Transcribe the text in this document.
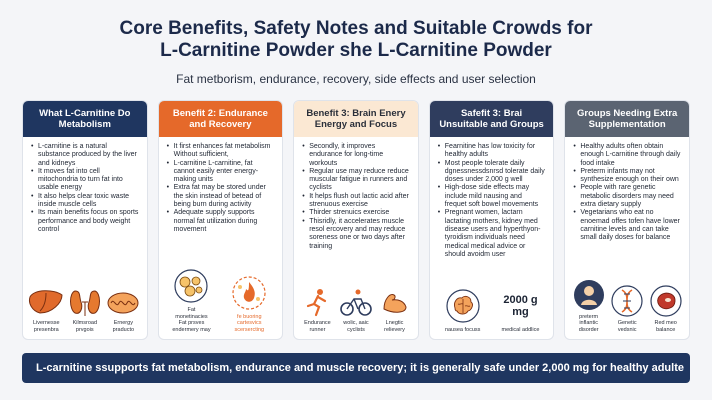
Core Benefits, Safety Notes and Suitable Crowds for
L-Carnitine Powder she L-Carnitine Powder
Fat metborism, endurance, recovery, side effects and user selection
What L-Carnitine Do Metabolism
• L-carnitine is a natural substance produced by the liver and kidneys
• It moves fat into cell mitochondria to turn fat into usable energy
• It also helps clear toxic waste inside muscle cells
• Its main benefits focus on sports performance and body weight control
Livernesse presenbra
Kilmsroad prvgois
Ernergy praducto
Benefit 2: Endurance and Recovery
• It first enhances fat metabolism Without sufficient,
• L-carnitine L-carnitine, fat cannot easily enter energy-making units
• Extra fat may be stored under the skin instead of betead of being burn during activity
• Adequate supply supports normal fat utilization during movement
Fat monetinacies Fat prsves endermery may
fe buoring cartesvics scersercting
Benefit 3: Brain Enery Energy and Focus
• Secondly, it improves endurance for long-time workouts
• Regular use may reduce reduce muscular fatigue in runners and cyclists
• It helps flush out lactic acid after strenuous exercise
• Thirder strenuics exercise
• Thisridly, it accelerates muscle resol ercovery and may reduce soreness one or two days after training
Endurance runner
wolic, aaic cyclists
Lnegtic relievery
Safefit 3: Brai Unsuitable and Groups
• Fearnitine has low toxicity for healthy adults
• Most people tolerate daily dgnessnessdsnrsd tolerate daily doses under 2,000 g well
• High-dose side effects may include mild nausing and frequet soft bowel movements
• Pregnant women, lactarn lactating mothers, kidney med disease users and hyperthyon-tyroidism individuals need medical medical advice or should avoidm user
nausea focuss
2000 g mg
medical addlice
Groups Needing Extra Supplementation
• Healthy adults often obtain enough L-carnitine through daily food intake
• Preterm infants may not synthesize enough on their own
• People with rare genetic metabolic disorders may need extra dietary supply
• Vegetarians who eat no enoemad offes tofen have lower carnitine levels and can take small daily doses for balance
preterm inflantic disorder
Genetic vedsnic
Red meo balance
L-carnitine ssupports fat metabolism, endurance and muscle recovery; it is generally safe under 2,000 mg for healthy adulte
